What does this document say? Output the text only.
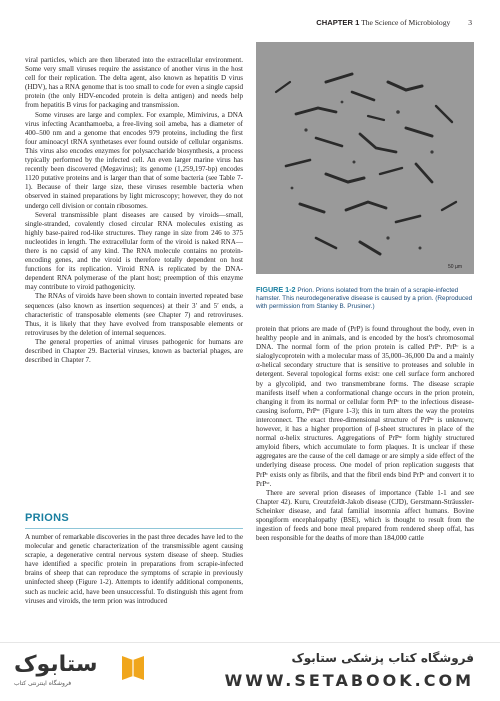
CHAPTER 1 The Science of Microbiology 3

viral particles, which are then liberated into the extracellular environment. Some very small viruses require the assistance of another virus in the host cell for their replication. The delta agent, also known as hepatitis D virus (HDV), has a RNA genome that is too small to code for even a single capsid protein (the only HDV-encoded protein is delta antigen) and needs help from hepatitis B virus for packaging and transmission.

Some viruses are large and complex. For example, Mimivirus, a DNA virus infecting Acanthamoeba, a free-living soil ameba, has a diameter of 400–500 nm and a genome that encodes 979 proteins, including the first four aminoacyl tRNA synthetases ever found outside of cellular organisms. This virus also encodes enzymes for polysaccharide biosynthesis, a process typically performed by the infected cell. An even larger marine virus has recently been discovered (Megavirus); its genome (1,259,197-bp) encodes 1120 putative proteins and is larger than that of some bacteria (see Table 7-1). Because of their large size, these viruses resemble bacteria when observed in stained preparations by light microscopy; however, they do not undergo cell division or contain ribosomes.

Several transmissible plant diseases are caused by viroids—small, single-stranded, covalently closed circular RNA molecules existing as highly base-paired rod-like structures. They range in size from 246 to 375 nucleotides in length. The extracellular form of the viroid is naked RNA—there is no capsid of any kind. The RNA molecule contains no protein-encoding genes, and the viroid is therefore totally dependent on host functions for its replication. Viroid RNA is replicated by the DNA-dependent RNA polymerase of the plant host; preemption of this enzyme may contribute to viroid pathogenicity.

The RNAs of viroids have been shown to contain inverted repeated base sequences (also known as insertion sequences) at their 3′ and 5′ ends, a characteristic of transposable elements (see Chapter 7) and retroviruses. Thus, it is likely that they have evolved from transposable elements or retroviruses by the deletion of internal sequences.

The general properties of animal viruses pathogenic for humans are described in Chapter 29. Bacterial viruses, known as bacterial phages, are described in Chapter 7.

PRIONS

A number of remarkable discoveries in the past three decades have led to the molecular and genetic characterization of the transmissible agent causing scrapie, a degenerative central nervous system disease of sheep. Studies have identified a specific protein in preparations from scrapie-infected brains of sheep that can reproduce the symptoms of scrapie in previously uninfected sheep (Figure 1-2). Attempts to identify additional components, such as nucleic acid, have been unsuccessful. To distinguish this agent from viruses and viroids, the term prion was introduced

50 µm
FIGURE 1-2 Prion. Prions isolated from the brain of a scrapie-infected hamster. This neurodegenerative disease is caused by a prion. (Reproduced with permission from Stanley B. Prusiner.)

protein that prions are made of (PrP) is found throughout the body, even in healthy people and in animals, and is encoded by the host's chromosomal DNA. The normal form of the prion protein is called PrPᶜ. PrPᶜ is a sialoglycoprotein with a molecular mass of 35,000–36,000 Da and a mainly α-helical secondary structure that is sensitive to proteases and soluble in detergent. Several topological forms exist: one cell surface form anchored by a glycolipid, and two transmembrane forms. The disease scrapie manifests itself when a conformational change occurs in the prion protein, changing it from its normal or cellular form PrPᶜ to the infectious disease-causing isoform, PrPˢᶜ (Figure 1-3); this in turn alters the way the proteins interconnect. The exact three-dimensional structure of PrPˢᶜ is unknown; however, it has a higher proportion of β-sheet structures in place of the normal α-helix structures. Aggregations of PrPˢᶜ form highly structured amyloid fibers, which accumulate to form plaques. It is unclear if these aggregates are the cause of the cell damage or are simply a side effect of the underlying disease process. One model of prion replication suggests that PrPᶜ exists only as fibrils, and that the fibril ends bind PrPᶜ and convert it to PrPˢᶜ.

There are several prion diseases of importance (Table 1-1 and see Chapter 42). Kuru, Creutzfeldt-Jakob disease (CJD), Gerstmann-Sträussler-Scheinker disease, and fatal familial insomnia affect humans. Bovine spongiform encephalopathy (BSE), which is thought to result from the ingestion of feeds and bone meal prepared from rendered sheep offal, has been responsible for the deaths of more than 184,000 cattle

ستابوک
فروشگاه اینترنتی کتاب
فروشگاه کتاب پزشکی ستابوک
WWW.SETABOOK.COM
